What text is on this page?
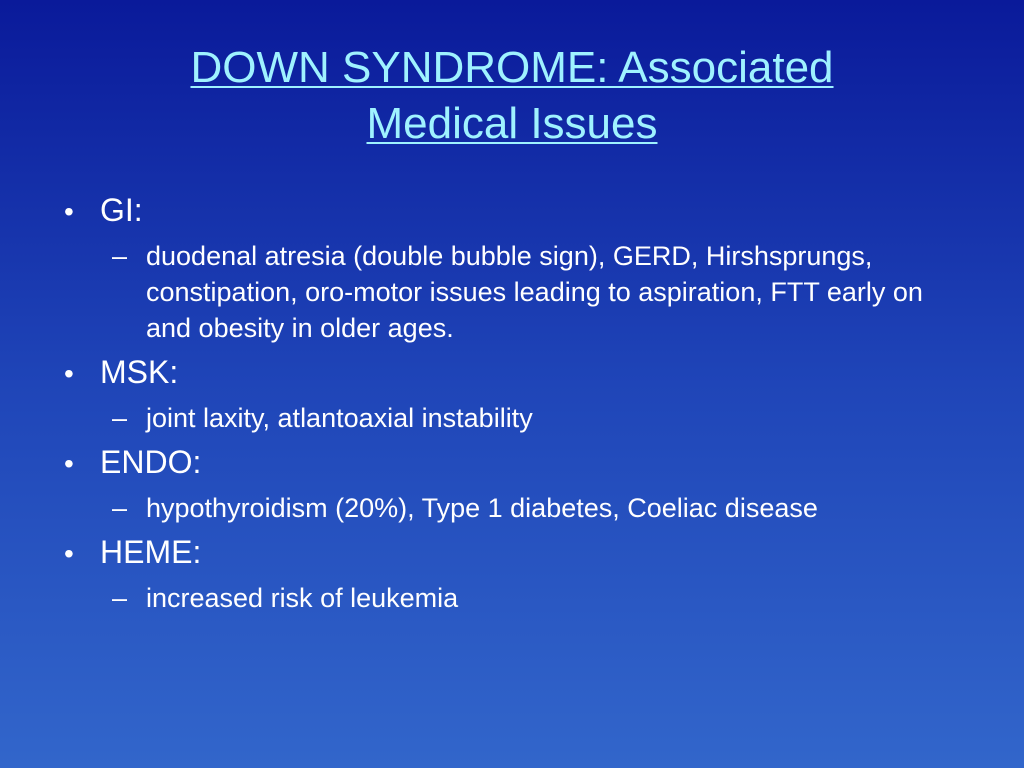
DOWN SYNDROME: Associated
Medical Issues
• GI:
– duodenal atresia (double bubble sign), GERD, Hirshsprungs, constipation, oro-motor issues leading to aspiration, FTT early on and obesity in older ages.
• MSK:
– joint laxity, atlantoaxial instability
• ENDO:
– hypothyroidism (20%), Type 1 diabetes, Coeliac disease
• HEME:
– increased risk of leukemia
